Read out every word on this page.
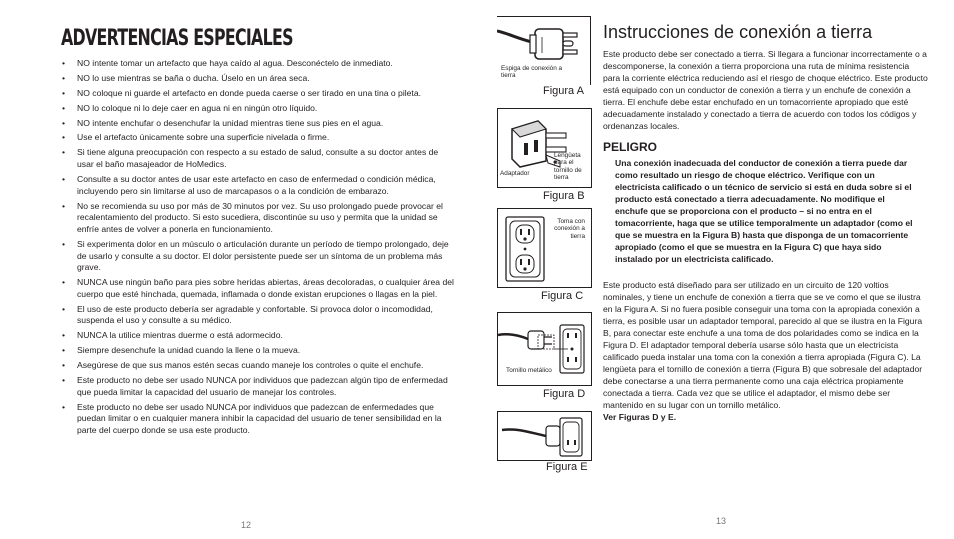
ADVERTENCIAS ESPECIALES
• NO intente tomar un artefacto que haya caído al agua. Desconéctelo de inmediato.
• NO lo use mientras se baña o ducha. Úselo en un área seca.
• NO coloque ni guarde el artefacto en donde pueda caerse o ser tirado en una tina o pileta.
• NO lo coloque ni lo deje caer en agua ni en ningún otro líquido.
• NO intente enchufar o desenchufar la unidad mientras tiene sus pies en el agua.
• Use el artefacto únicamente sobre una superficie nivelada o firme.
• Si tiene alguna preocupación con respecto a su estado de salud, consulte a su doctor antes de usar el baño masajeador de HoMedics.
• Consulte a su doctor antes de usar este artefacto en caso de enfermedad o condición médica, incluyendo pero sin limitarse al uso de marcapasos o a la condición de embarazo.
• No se recomienda su uso por más de 30 minutos por vez. Su uso prolongado puede provocar el recalentamiento del producto. Si esto sucediera, discontinúe su uso y permita que la unidad se enfríe antes de volver a ponerla en funcionamiento.
• Si experimenta dolor en un músculo o articulación durante un período de tiempo prolongado, deje de usarlo y consulte a su doctor. El dolor persistente puede ser un síntoma de un problema más grave.
• NUNCA use ningún baño para pies sobre heridas abiertas, áreas decoloradas, o cualquier área del cuerpo que esté hinchada, quemada, inflamada o donde existan erupciones o llagas en la piel.
• El uso de este producto debería ser agradable y confortable. Si provoca dolor o incomodidad, suspenda el uso y consulte a su médico.
• NUNCA la utilice mientras duerme o está adormecido.
• Siempre desenchufe la unidad cuando la llene o la mueva.
• Asegúrese de que sus manos estén secas cuando maneje los controles o quite el enchufe.
• Este producto no debe ser usado NUNCA por individuos que padezcan algún tipo de enfermedad que pueda limitar la capacidad del usuario de manejar los controles.
• Este producto no debe ser usado NUNCA por individuos que padezcan de enfermedades que puedan limitar o en cualquier manera inhibir la capacidad del usuario de tener sensibilidad en la parte del cuerpo donde se usa este producto.
12
Espiga de conexión a tierra
Figura A
Adaptador
Lengüeta para el tornillo de tierra
Figura B
Toma con conexión a tierra
Figura C
Tornillo metálico
Figura D
Figura E
Instrucciones de conexión a tierra

Este producto debe ser conectado a tierra. Si llegara a funcionar incorrectamente o a descomponerse, la conexión a tierra proporciona una ruta de mínima resistencia para la corriente eléctrica reduciendo así el riesgo de choque eléctrico. Este producto está equipado con un conductor de conexión a tierra y un enchufe de conexión a tierra. El enchufe debe estar enchufado en un tomacorriente apropiado que esté adecuadamente instalado y conectado a tierra de acuerdo con todos los códigos y ordenanzas locales.

PELIGRO

Una conexión inadecuada del conductor de conexión a tierra puede dar como resultado un riesgo de choque eléctrico. Verifique con un electricista calificado o un técnico de servicio si está en duda sobre si el producto está conectado a tierra adecuadamente. No modifique el enchufe que se proporciona con el producto – si no entra en el tomacorriente, haga que se utilice temporalmente un adaptador (como el que se muestra en la Figura B) hasta que disponga de un tomacorriente apropiado (como el que se muestra en la Figura C) que haya sido instalado por un electricista calificado.

Este producto está diseñado para ser utilizado en un circuito de 120 voltios nominales, y tiene un enchufe de conexión a tierra que se ve como el que se ilustra en la Figura A. Si no fuera posible conseguir una toma con la apropiada conexión a tierra, es posible usar un adaptador temporal, parecido al que se ilustra en la Figura B, para conectar este enchufe a una toma de dos polaridades como se indica en la Figura D. El adaptador temporal debería usarse sólo hasta que un electricista calificado pueda instalar una toma con la conexión a tierra apropiada (Figura C). La lengüeta para el tornillo de conexión a tierra (Figura B) que sobresale del adaptador debe conectarse a una tierra permanente como una caja eléctrica propiamente conectada a tierra. Cada vez que se utilice el adaptador, el mismo debe ser mantenido en su lugar con un tornillo metálico.
Ver Figuras D y E.

13
